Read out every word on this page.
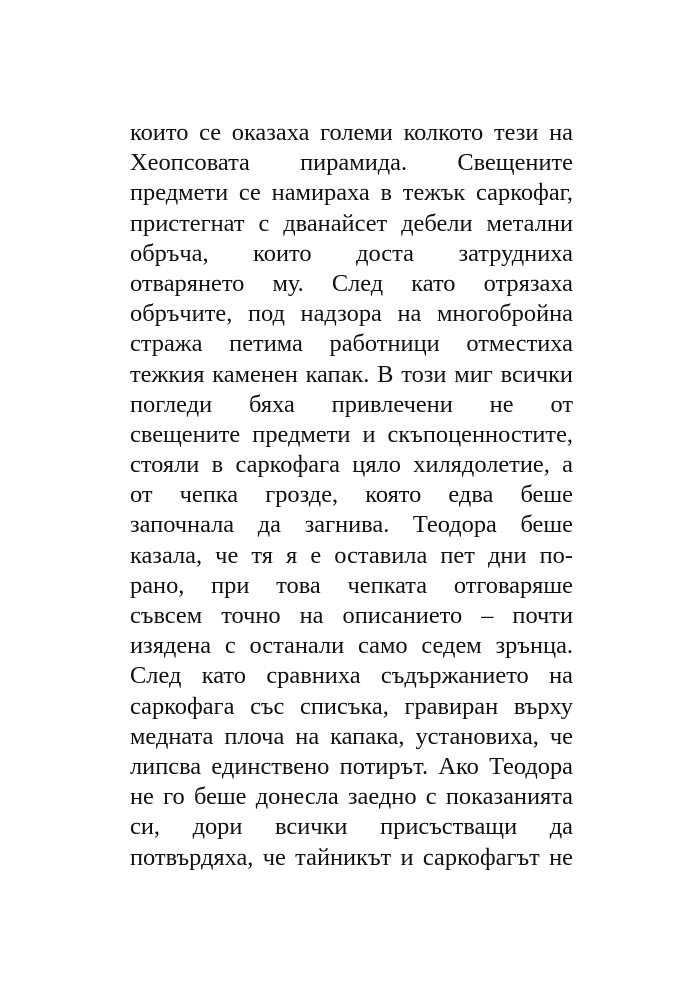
които се оказаха големи колкото тези на
Хеопсовата пирамида. Свещените
предмети се намираха в тежък саркофаг,
пристегнат с дванайсет дебели метални
обръча, които доста затрудниха
отварянето му. След като отрязаха
обръчите, под надзора на многобройна
стража петима работници отместиха
тежкия каменен капак. В този миг всички
погледи бяха привлечени не от
свещените предмети и скъпоценностите,
стояли в саркофага цяло хилядолетие, а
от чепка грозде, която едва беше
започнала да загнива. Теодора беше
казала, че тя я е оставила пет дни по-
рано, при това чепката отговаряше
съвсем точно на описанието – почти
изядена с останали само седем зрънца.
След като сравниха съдържанието на
саркофага със списъка, гравиран върху
медната плоча на капака, установиха, че
липсва единствено потирът. Ако Теодора
не го беше донесла заедно с показанията
си, дори всички присъстващи да
потвърдяха, че тайникът и саркофагът не
